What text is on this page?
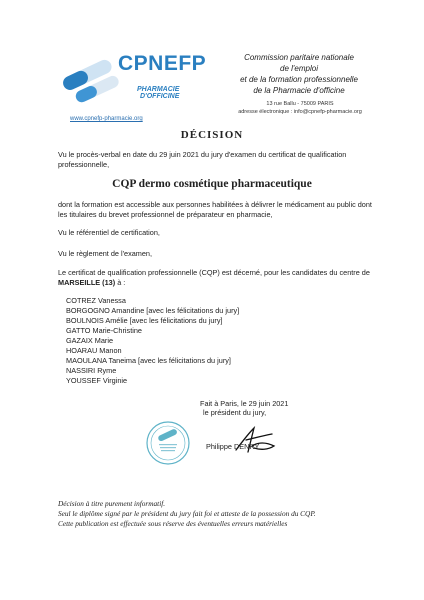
CPNEFP
PHARMACIE
D'OFFICINE
Commission paritaire nationale
de l'emploi
et de la formation professionnelle
de la Pharmacie d'officine
13 rue Ballu - 75009 PARIS
adresse électronique : info@cpnefp-pharmacie.org
www.cpnefp-pharmacie.org
DÉCISION
Vu le procès-verbal en date du 29 juin 2021 du jury d'examen du certificat de qualification professionnelle,
CQP dermo cosmétique pharmaceutique
dont la formation est accessible aux personnes habilitées à délivrer le médicament au public dont les titulaires du brevet professionnel de préparateur en pharmacie,
Vu le référentiel de certification,
Vu le règlement de l'examen,
Le certificat de qualification professionnelle (CQP) est décerné, pour les candidates du centre de MARSEILLE (13) à :
COTREZ Vanessa
BORGOGNO Amandine [avec les félicitations du jury]
BOULNOIS Amélie [avec les félicitations du jury]
GATTO Marie-Christine
GAZAIX Marie
HOARAU Manon
MAOULANA Taneima [avec les félicitations du jury]
NASSIRI Ryme
YOUSSEF Virginie
Fait à Paris, le 29 juin 2021
le président du jury,
Philippe DENRY
Décision à titre purement informatif.
Seul le diplôme signé par le président du jury fait foi et atteste de la possession du CQP.
Cette publication est effectuée sous réserve des éventuelles erreurs matérielles
